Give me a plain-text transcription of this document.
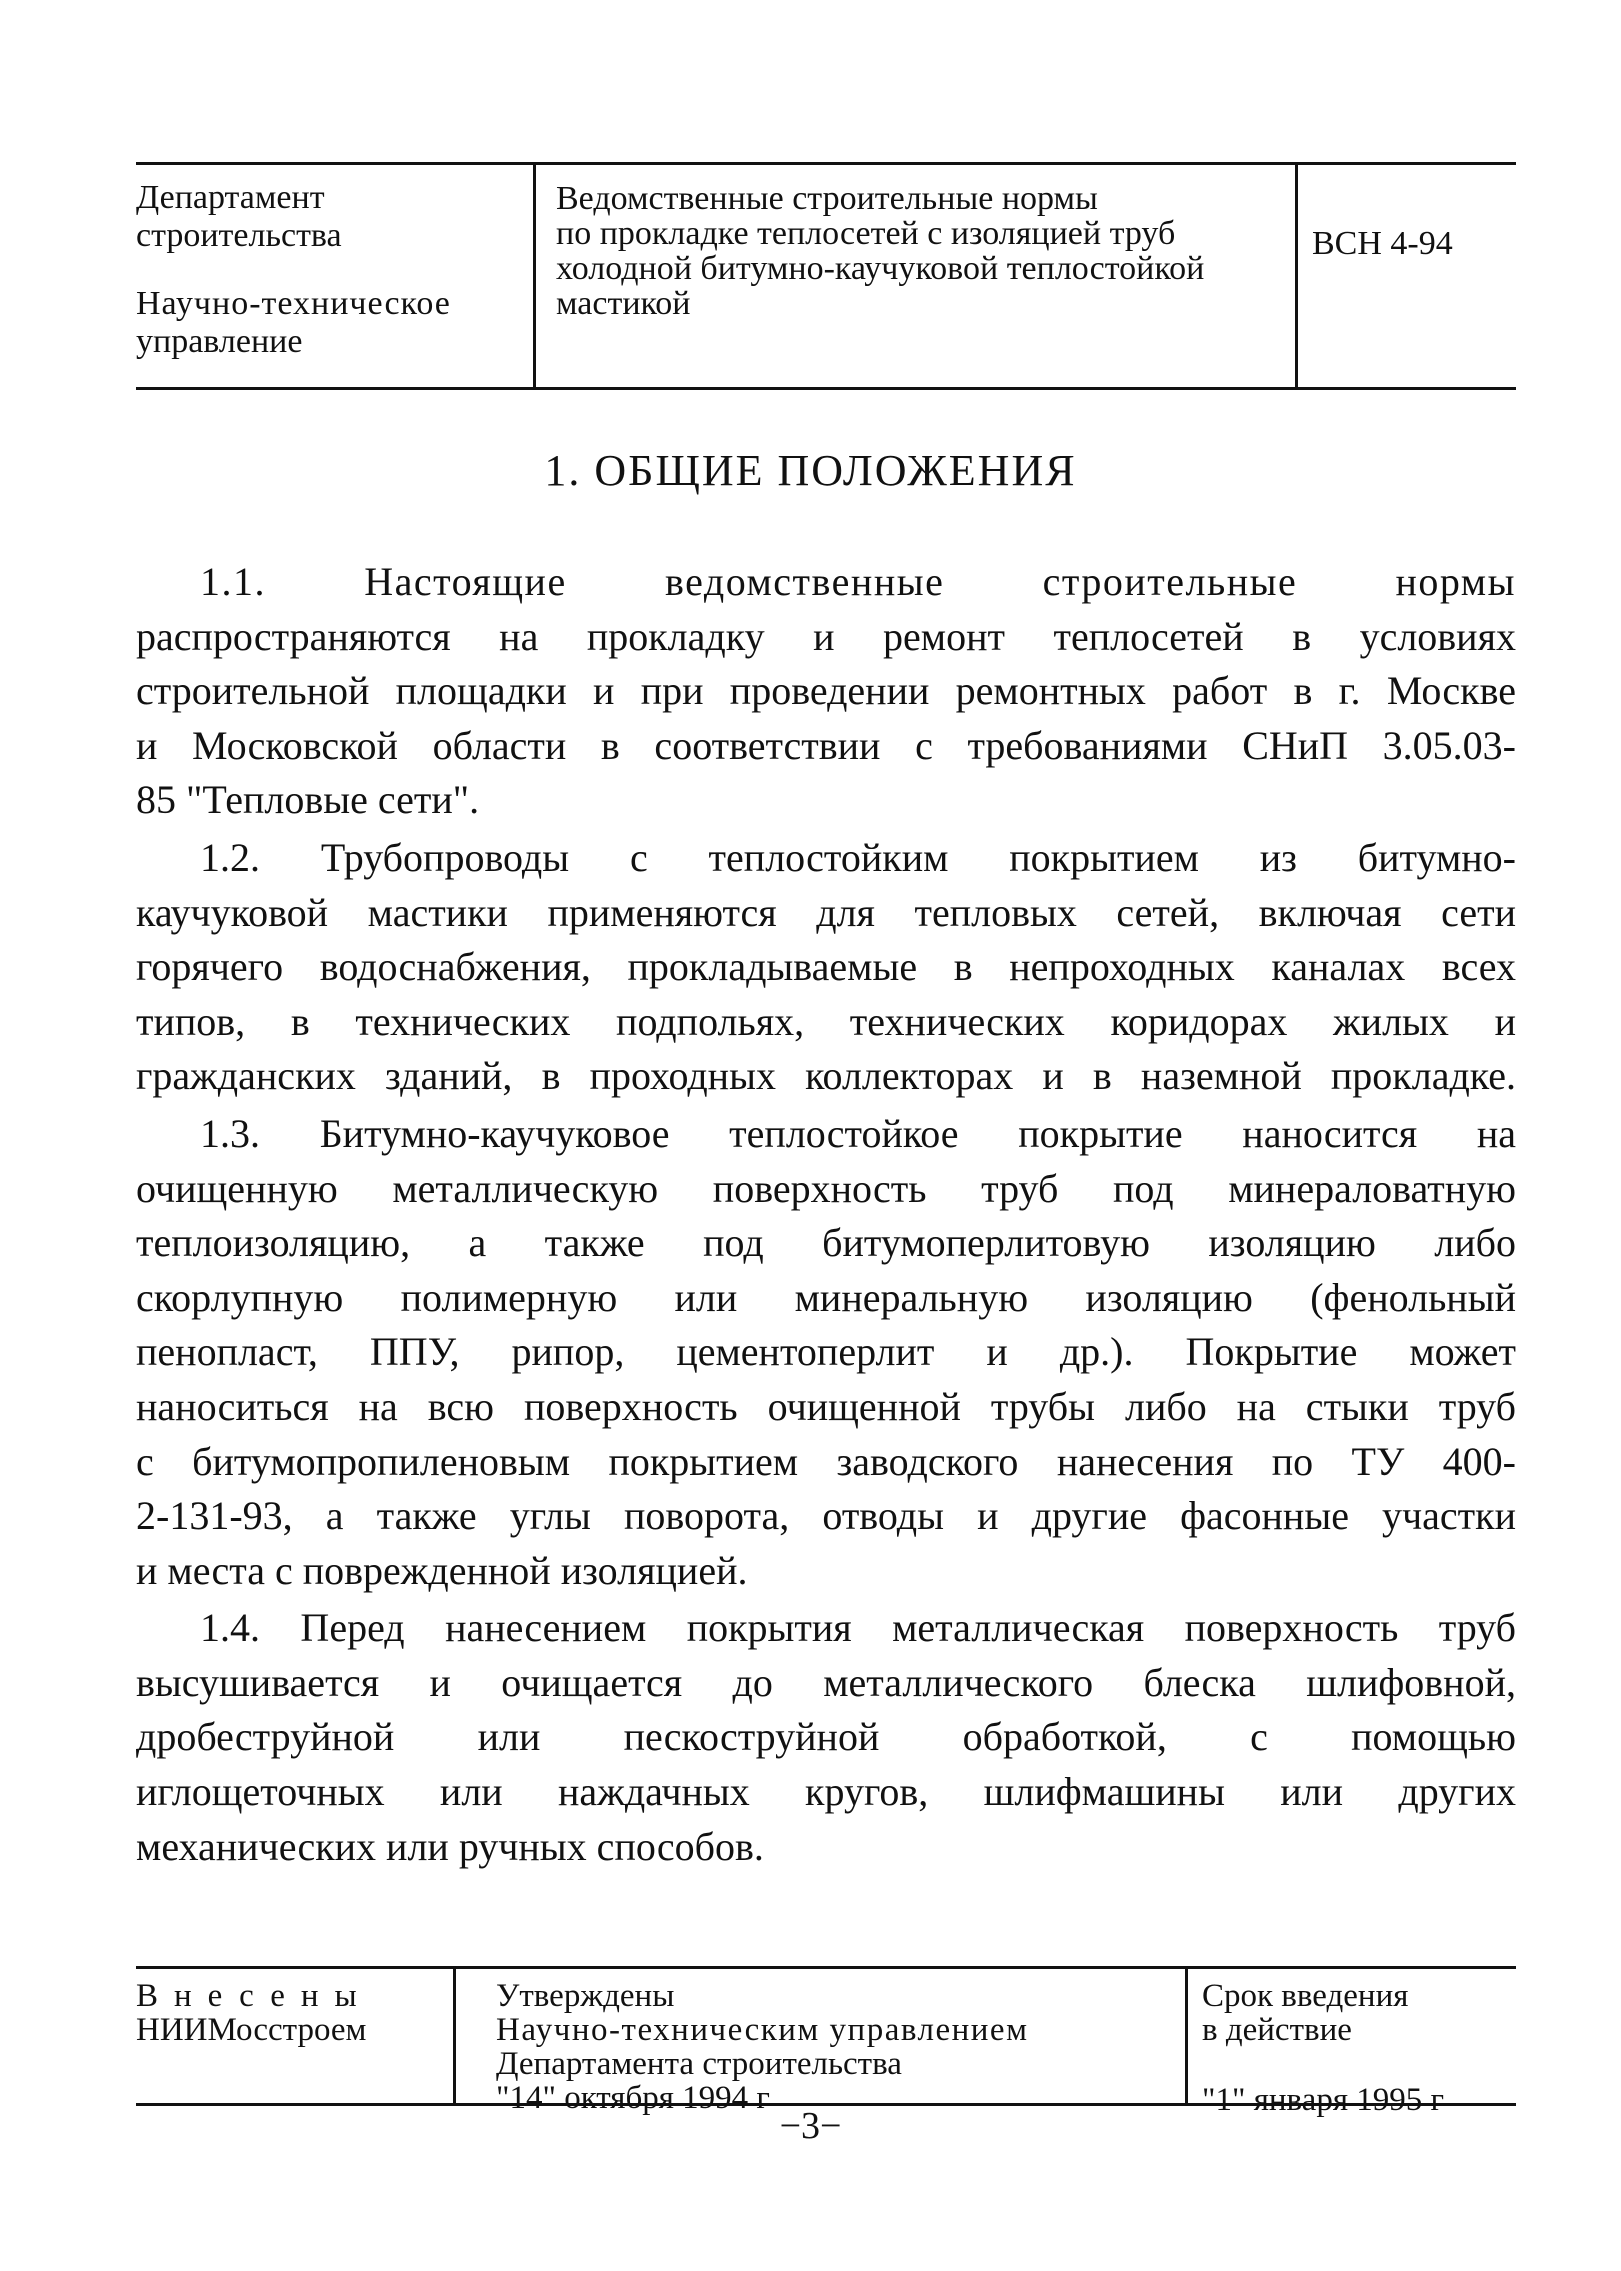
Департамент
строительства
Научно-техническое
управление
Ведомственные строительные нормы
по прокладке теплосетей с изоляцией труб
холодной битумно-каучуковой теплостойкой
мастикой
ВСН 4-94
1. ОБЩИЕ ПОЛОЖЕНИЯ
1.1. Настоящие ведомственные строительные нормы
распространяются на прокладку и ремонт теплосетей в условиях
строительной площадки и при проведении ремонтных работ в г. Москве
и Московской области в соответствии с требованиями СНиП 3.05.03-
85 "Тепловые сети".
1.2. Трубопроводы с теплостойким покрытием из битумно-
каучуковой мастики применяются для тепловых сетей, включая сети
горячего водоснабжения, прокладываемые в непроходных каналах всех
типов, в технических подпольях, технических коридорах жилых и
гражданских зданий, в проходных коллекторах и в наземной прокладке.
1.3. Битумно-каучуковое теплостойкое покрытие наносится на
очищенную металлическую поверхность труб под минераловатную
теплоизоляцию, а также под битумоперлитовую изоляцию либо
скорлупную полимерную или минеральную изоляцию (фенольный
пенопласт, ППУ, рипор, цементоперлит и др.). Покрытие может
наноситься на всю поверхность очищенной трубы либо на стыки труб
с битумопропиленовым покрытием заводского нанесения по ТУ 400-
2-131-93, а также углы поворота, отводы и другие фасонные участки
и места с поврежденной изоляцией.
1.4. Перед нанесением покрытия металлическая поверхность труб
высушивается и очищается до металлического блеска шлифовной,
дробеструйной или пескоструйной обработкой, с помощью
иглощеточных или наждачных кругов, шлифмашины или других
механических или ручных способов.
Внесены
НИИМосстроем
Утверждены
Научно-техническим управлением
Департамента строительства
"14" октября 1994 г
Срок введения
в действие
"1" января 1995 г
−3−
